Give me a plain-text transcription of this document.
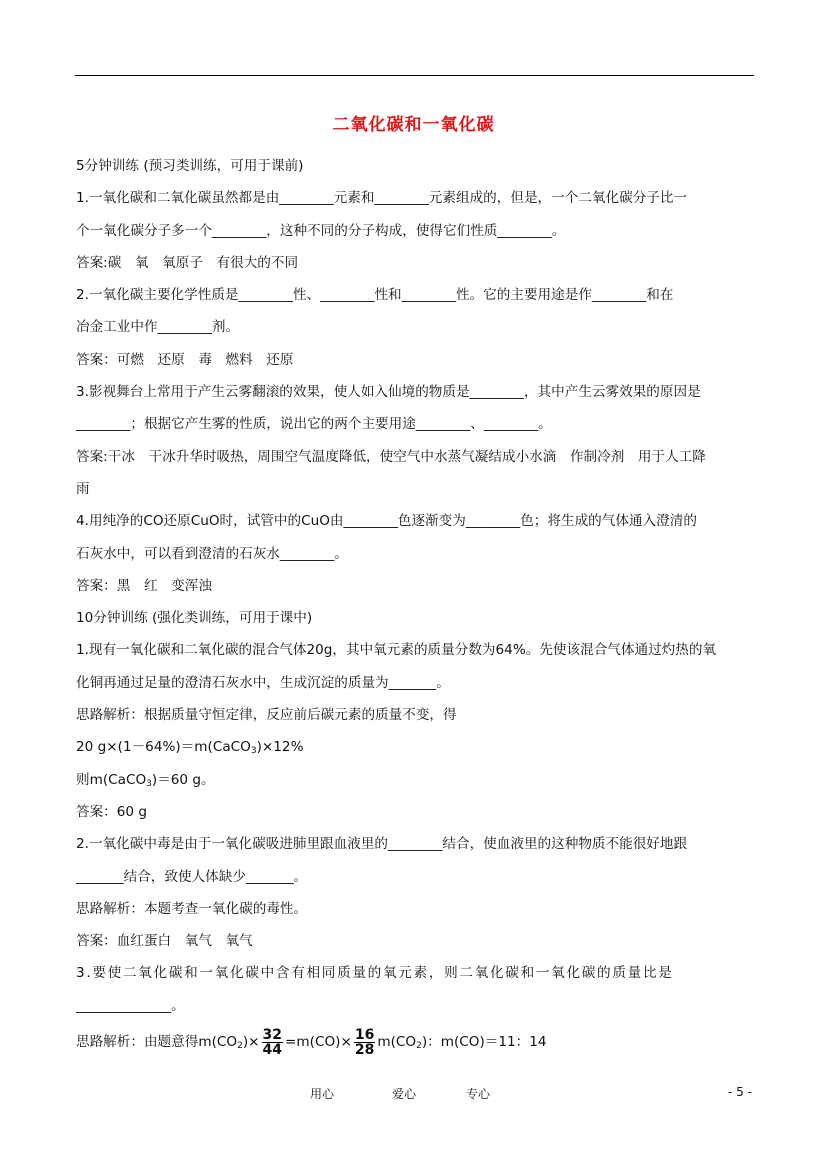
二氧化碳和一氧化碳
5分钟训练 (预习类训练，可用于课前)
1.一氧化碳和二氧化碳虽然都是由________元素和________元素组成的，但是，一个二氧化碳分子比一
个一氧化碳分子多一个________，这种不同的分子构成，使得它们性质________。
答案:碳　氧　氧原子　有很大的不同
2.一氧化碳主要化学性质是________性、________性和________性。它的主要用途是作________和在
冶金工业中作________剂。
答案：可燃　还原　毒　燃料　还原
3.影视舞台上常用于产生云雾翻滚的效果，使人如入仙境的物质是________，其中产生云雾效果的原因是
________；根据它产生雾的性质，说出它的两个主要用途________、________。
答案:干冰　干冰升华时吸热，周围空气温度降低，使空气中水蒸气凝结成小水滴　作制冷剂　用于人工降
雨
4.用纯净的CO还原CuO时，试管中的CuO由________色逐渐变为________色；将生成的气体通入澄清的
石灰水中，可以看到澄清的石灰水________。
答案：黑　红　变浑浊
10分钟训练 (强化类训练，可用于课中)
1.现有一氧化碳和二氧化碳的混合气体20g，其中氧元素的质量分数为64%。先使该混合气体通过灼热的氧
化铜再通过足量的澄清石灰水中，生成沉淀的质量为_______。
思路解析：根据质量守恒定律，反应前后碳元素的质量不变，得
20 g×(1－64%)＝m(CaCO$_3$)×12%
则m(CaCO$_3$)＝60 g。
答案：60 g
2.一氧化碳中毒是由于一氧化碳吸进肺里跟血液里的________结合，使血液里的这种物质不能很好地跟
_______结合，致使人体缺少_______。
思路解析：本题考查一氧化碳的毒性。
答案：血红蛋白　氧气　氧气
3.要使二氧化碳和一氧化碳中含有相同质量的氧元素，则二氧化碳和一氧化碳的质量比是
______________。
思路解析：由题意得$m(CO_2)\times \frac{32}{44} =m(CO)\times \frac{16}{28} m(CO_2)$：m(CO)＝11：14
用心	爱心	专心	- 5 -
